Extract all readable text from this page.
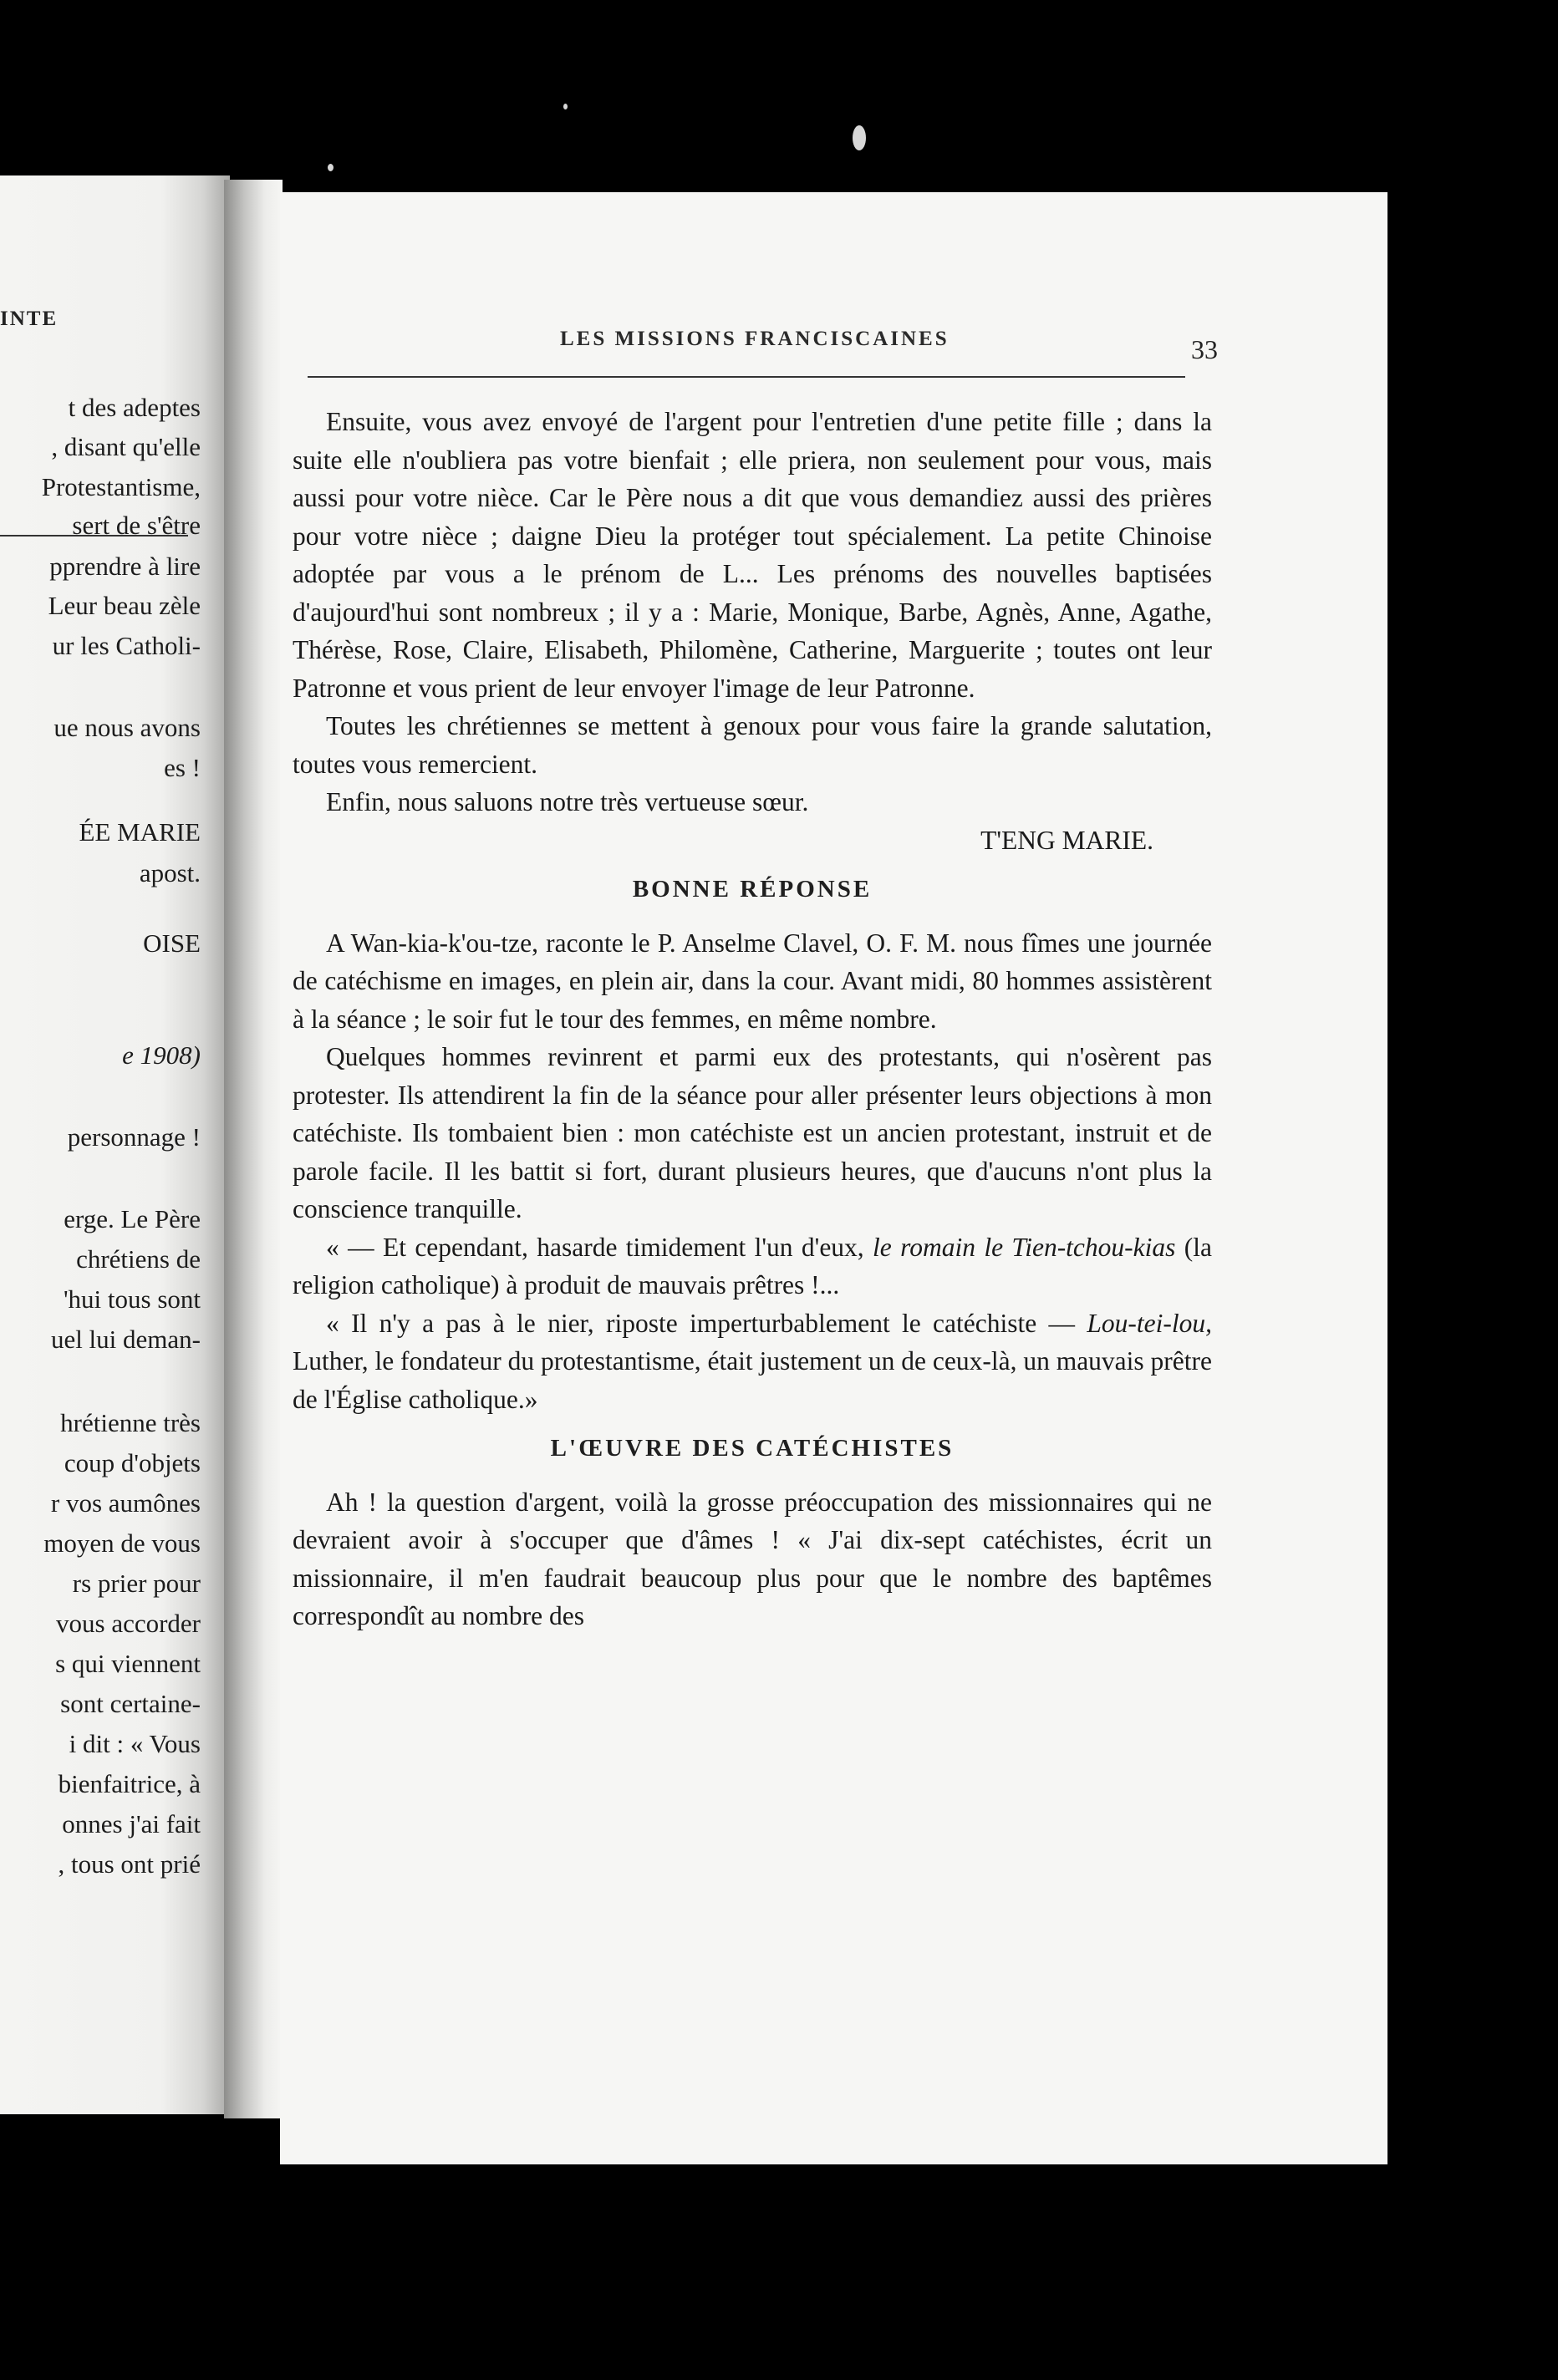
INTE
t des adeptes
, disant qu'elle
Protestantisme,
sert de s'être
pprendre à lire
Leur beau zèle
ur les Catholi-
ue nous avons
es !
ÉE MARIE
apost.
OISE
e 1908)
personnage !
erge. Le Père
chrétiens de
'hui tous sont
uel lui deman-
hrétienne très
coup d'objets
r vos aumônes
moyen de vous
rs prier pour
vous accorder
s qui viennent
sont certaine-
i dit : « Vous
bienfaitrice, à
onnes j'ai fait
, tous ont prié
LES MISSIONS FRANCISCAINES	33

Ensuite, vous avez envoyé de l'argent pour l'entretien d'une petite fille ; dans la suite elle n'oubliera pas votre bienfait ; elle priera, non seulement pour vous, mais aussi pour votre nièce. Car le Père nous a dit que vous demandiez aussi des prières pour votre nièce ; daigne Dieu la protéger tout spécialement. La petite Chinoise adoptée par vous a le prénom de L... Les prénoms des nouvelles baptisées d'aujourd'hui sont nombreux ; il y a : Marie, Monique, Barbe, Agnès, Anne, Agathe, Thérèse, Rose, Claire, Elisabeth, Philomène, Catherine, Marguerite ; toutes ont leur Patronne et vous prient de leur envoyer l'image de leur Patronne.

Toutes les chrétiennes se mettent à genoux pour vous faire la grande salutation, toutes vous remercient.

Enfin, nous saluons notre très vertueuse sœur.

T'ENG MARIE.

BONNE RÉPONSE

A Wan-kia-k'ou-tze, raconte le P. Anselme Clavel, O. F. M. nous fîmes une journée de catéchisme en images, en plein air, dans la cour. Avant midi, 80 hommes assistèrent à la séance ; le soir fut le tour des femmes, en même nombre.

Quelques hommes revinrent et parmi eux des protestants, qui n'osèrent pas protester. Ils attendirent la fin de la séance pour aller présenter leurs objections à mon catéchiste. Ils tombaient bien : mon catéchiste est un ancien protestant, instruit et de parole facile. Il les battit si fort, durant plusieurs heures, que d'aucuns n'ont plus la conscience tranquille.

« — Et cependant, hasarde timidement l'un d'eux, le romain le Tien-tchou-kias (la religion catholique) à produit de mauvais prêtres !...

« Il n'y a pas à le nier, riposte imperturbablement le catéchiste — Lou-tei-lou, Luther, le fondateur du protestantisme, était justement un de ceux-là, un mauvais prêtre de l'Église catholique.»

L'ŒUVRE DES CATÉCHISTES

Ah ! la question d'argent, voilà la grosse préoccupation des missionnaires qui ne devraient avoir à s'occuper que d'âmes ! « J'ai dix-sept catéchistes, écrit un missionnaire, il m'en faudrait beaucoup plus pour que le nombre des baptêmes correspondît au nombre des
